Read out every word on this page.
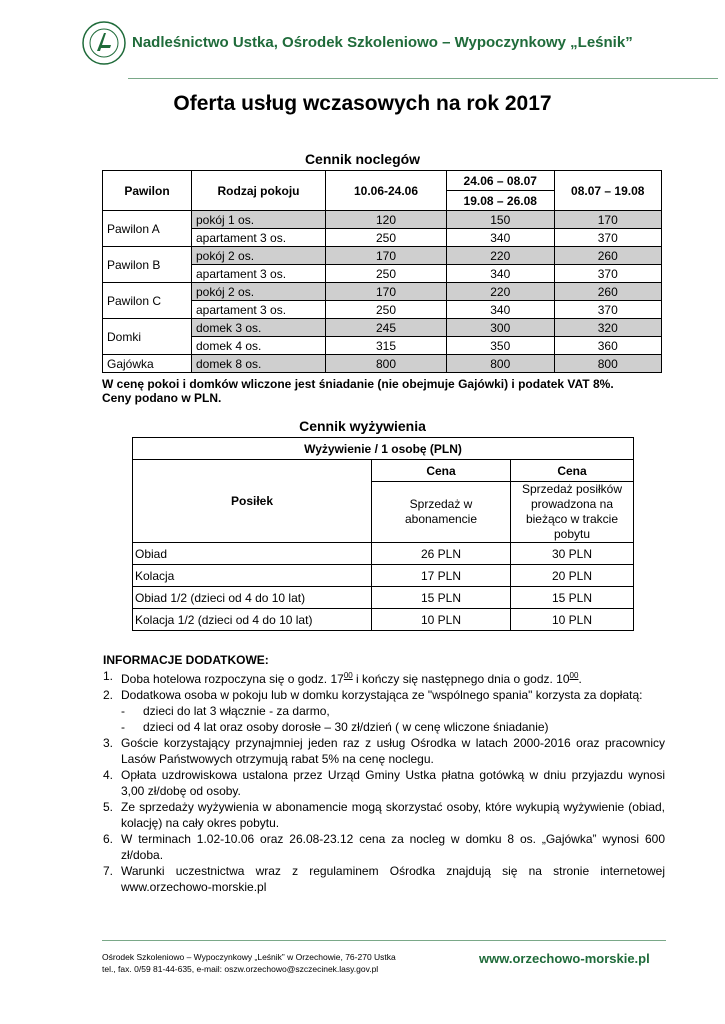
Nadleśnictwo Ustka, Ośrodek Szkoleniowo – Wypoczynkowy „Leśnik”
Oferta usług wczasowych na rok 2017
Cennik noclegów
Pawilon	Rodzaj pokoju	10.06-24.06	24.06 – 08.07	08.07 – 19.08
			19.08 – 26.08	
Pawilon A	pokój 1 os.	120	150	170
	apartament 3 os.	250	340	370
Pawilon B	pokój 2 os.	170	220	260
	apartament 3 os.	250	340	370
Pawilon C	pokój 2 os.	170	220	260
	apartament 3 os.	250	340	370
Domki	domek 3 os.	245	300	320
	domek 4 os.	315	350	360
Gajówka	domek 8 os.	800	800	800
W cenę pokoi i domków wliczone jest śniadanie (nie obejmuje Gajówki) i podatek VAT 8%.
Ceny podano w PLN.
Cennik wyżywienia
Wyżywienie / 1 osobę (PLN)		
Posiłek	Cena	Cena
	Sprzedaż w abonamencie	Sprzedaż posiłków prowadzona na bieżąco w trakcie pobytu
Obiad	26 PLN	30 PLN
Kolacja	17 PLN	20 PLN
Obiad 1/2 (dzieci od 4 do 10 lat)	15 PLN	15 PLN
Kolacja 1/2 (dzieci od 4 do 10 lat)	10 PLN	10 PLN
INFORMACJE DODATKOWE:
1. Doba hotelowa rozpoczyna się o godz. $17^{00}$ i kończy się następnego dnia o godz. $10^{00}$.
2. Dodatkowa osoba w pokoju lub w domku korzystająca ze "wspólnego spania" korzysta za dopłatą:
-	dzieci do lat 3 włącznie - za darmo,
-	dzieci od 4 lat oraz osoby dorosłe – 30 zł/dzień ( w cenę wliczone śniadanie)
3. Goście korzystający przynajmniej jeden raz z usług Ośrodka w latach 2000-2016 oraz pracownicy Lasów Państwowych otrzymują rabat 5% na cenę noclegu.
4. Opłata uzdrowiskowa ustalona przez Urząd Gminy Ustka płatna gotówką w dniu przyjazdu wynosi 3,00 zł/dobę od osoby.
5. Ze sprzedaży wyżywienia w abonamencie mogą skorzystać osoby, które wykupią wyżywienie (obiad, kolację) na cały okres pobytu.
6. W terminach 1.02-10.06 oraz 26.08-23.12 cena za nocleg w domku 8 os. „Gajówka” wynosi 600 zł/doba.
7. Warunki uczestnictwa wraz z regulaminem Ośrodka znajdują się na stronie internetowej www.orzechowo-morskie.pl
Ośrodek Szkoleniowo – Wypoczynkowy „Leśnik” w Orzechowie, 76-270 Ustka
tel., fax. 0/59 81-44-635, e-mail: oszw.orzechowo@szczecinek.lasy.gov.pl
www.orzechowo-morskie.pl
